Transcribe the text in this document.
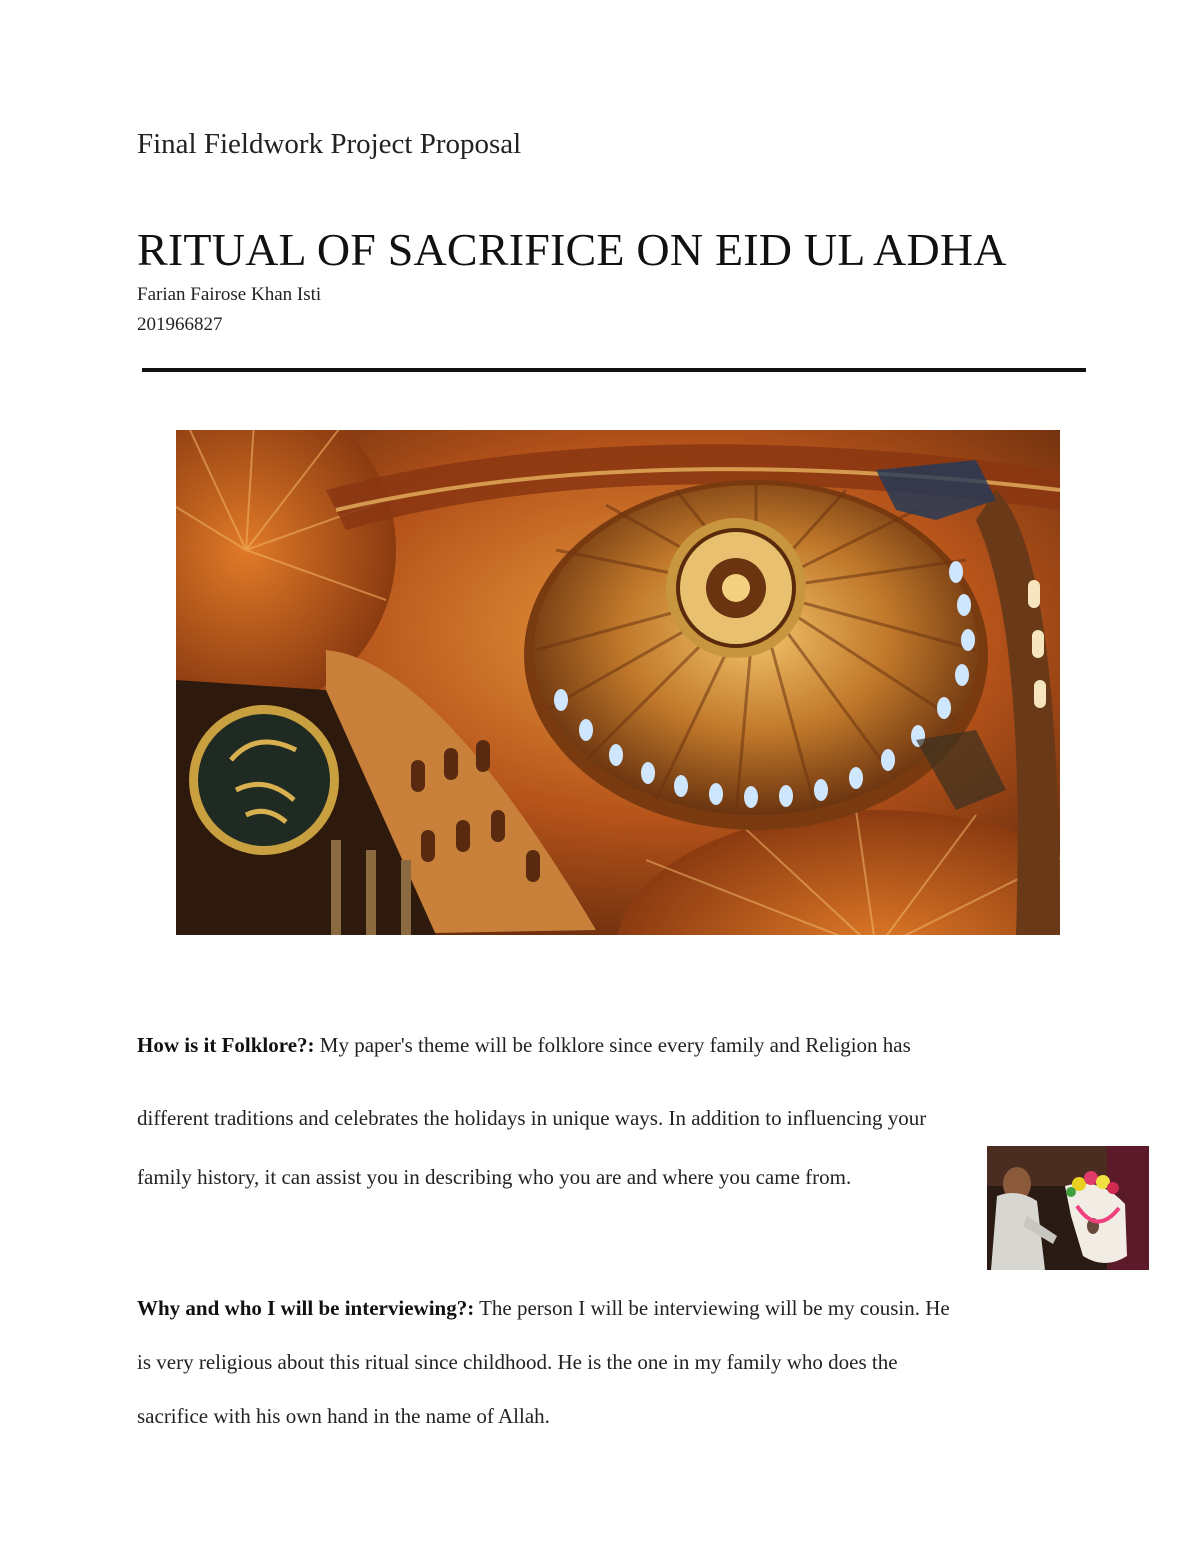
Final Fieldwork Project Proposal
RITUAL OF SACRIFICE ON EID UL ADHA
Farian Fairose Khan Isti
201966827
How is it Folklore?: My paper's theme will be folklore since every family and Religion has
different traditions and celebrates the holidays in unique ways. In addition to influencing your
family history, it can assist you in describing who you are and where you came from.
Why and who I will be interviewing?: The person I will be interviewing will be my cousin. He
is very religious about this ritual since childhood. He is the one in my family who does the
sacrifice with his own hand in the name of Allah.
